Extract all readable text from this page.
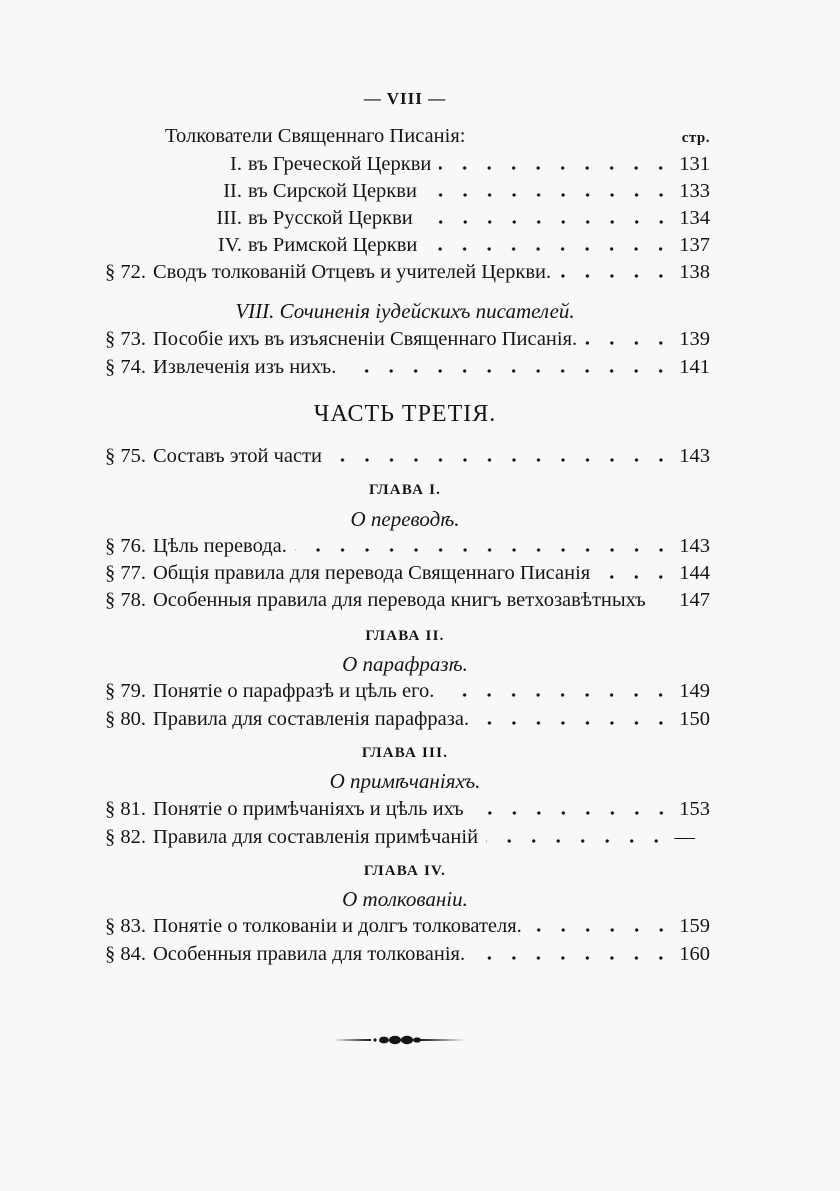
— VIII —
Толкователи Священнаго Писанія:	стр.
I. въ Греческой Церкви	131
II. въ Сирской Церкви	133
III. въ Русской Церкви	134
IV. въ Римской Церкви	137
§ 72. Сводъ толкованій Отцевъ и учителей Церкви.	138
VIII. Сочиненія іудейскихъ писателей.
§ 73. Пособіе ихъ въ изъясненіи Священнаго Писанія.	139
§ 74. Извлеченія изъ нихъ.	141
ЧАСТЬ ТРЕТІЯ.
§ 75. Составъ этой части	143
ГЛАВА I.
О переводѣ.
§ 76. Цѣль перевода.	143
§ 77. Общія правила для перевода Священнаго Писанія	144
§ 78. Особенныя правила для перевода книгъ ветхозавѣтныхъ 147
ГЛАВА II.
О парафразѣ.
§ 79. Понятіе о парафразѣ и цѣль его.	149
§ 80. Правила для составленія парафраза.	150
ГЛАВА III.
О примѣчаніяхъ.
§ 81. Понятіе о примѣчаніяхъ и цѣль ихъ	153
§ 82. Правила для составленія примѣчаній	—
ГЛАВА IV.
О толкованіи.
§ 83. Понятіе о толкованіи и долгъ толкователя.	159
§ 84. Особенныя правила для толкованія.	160
